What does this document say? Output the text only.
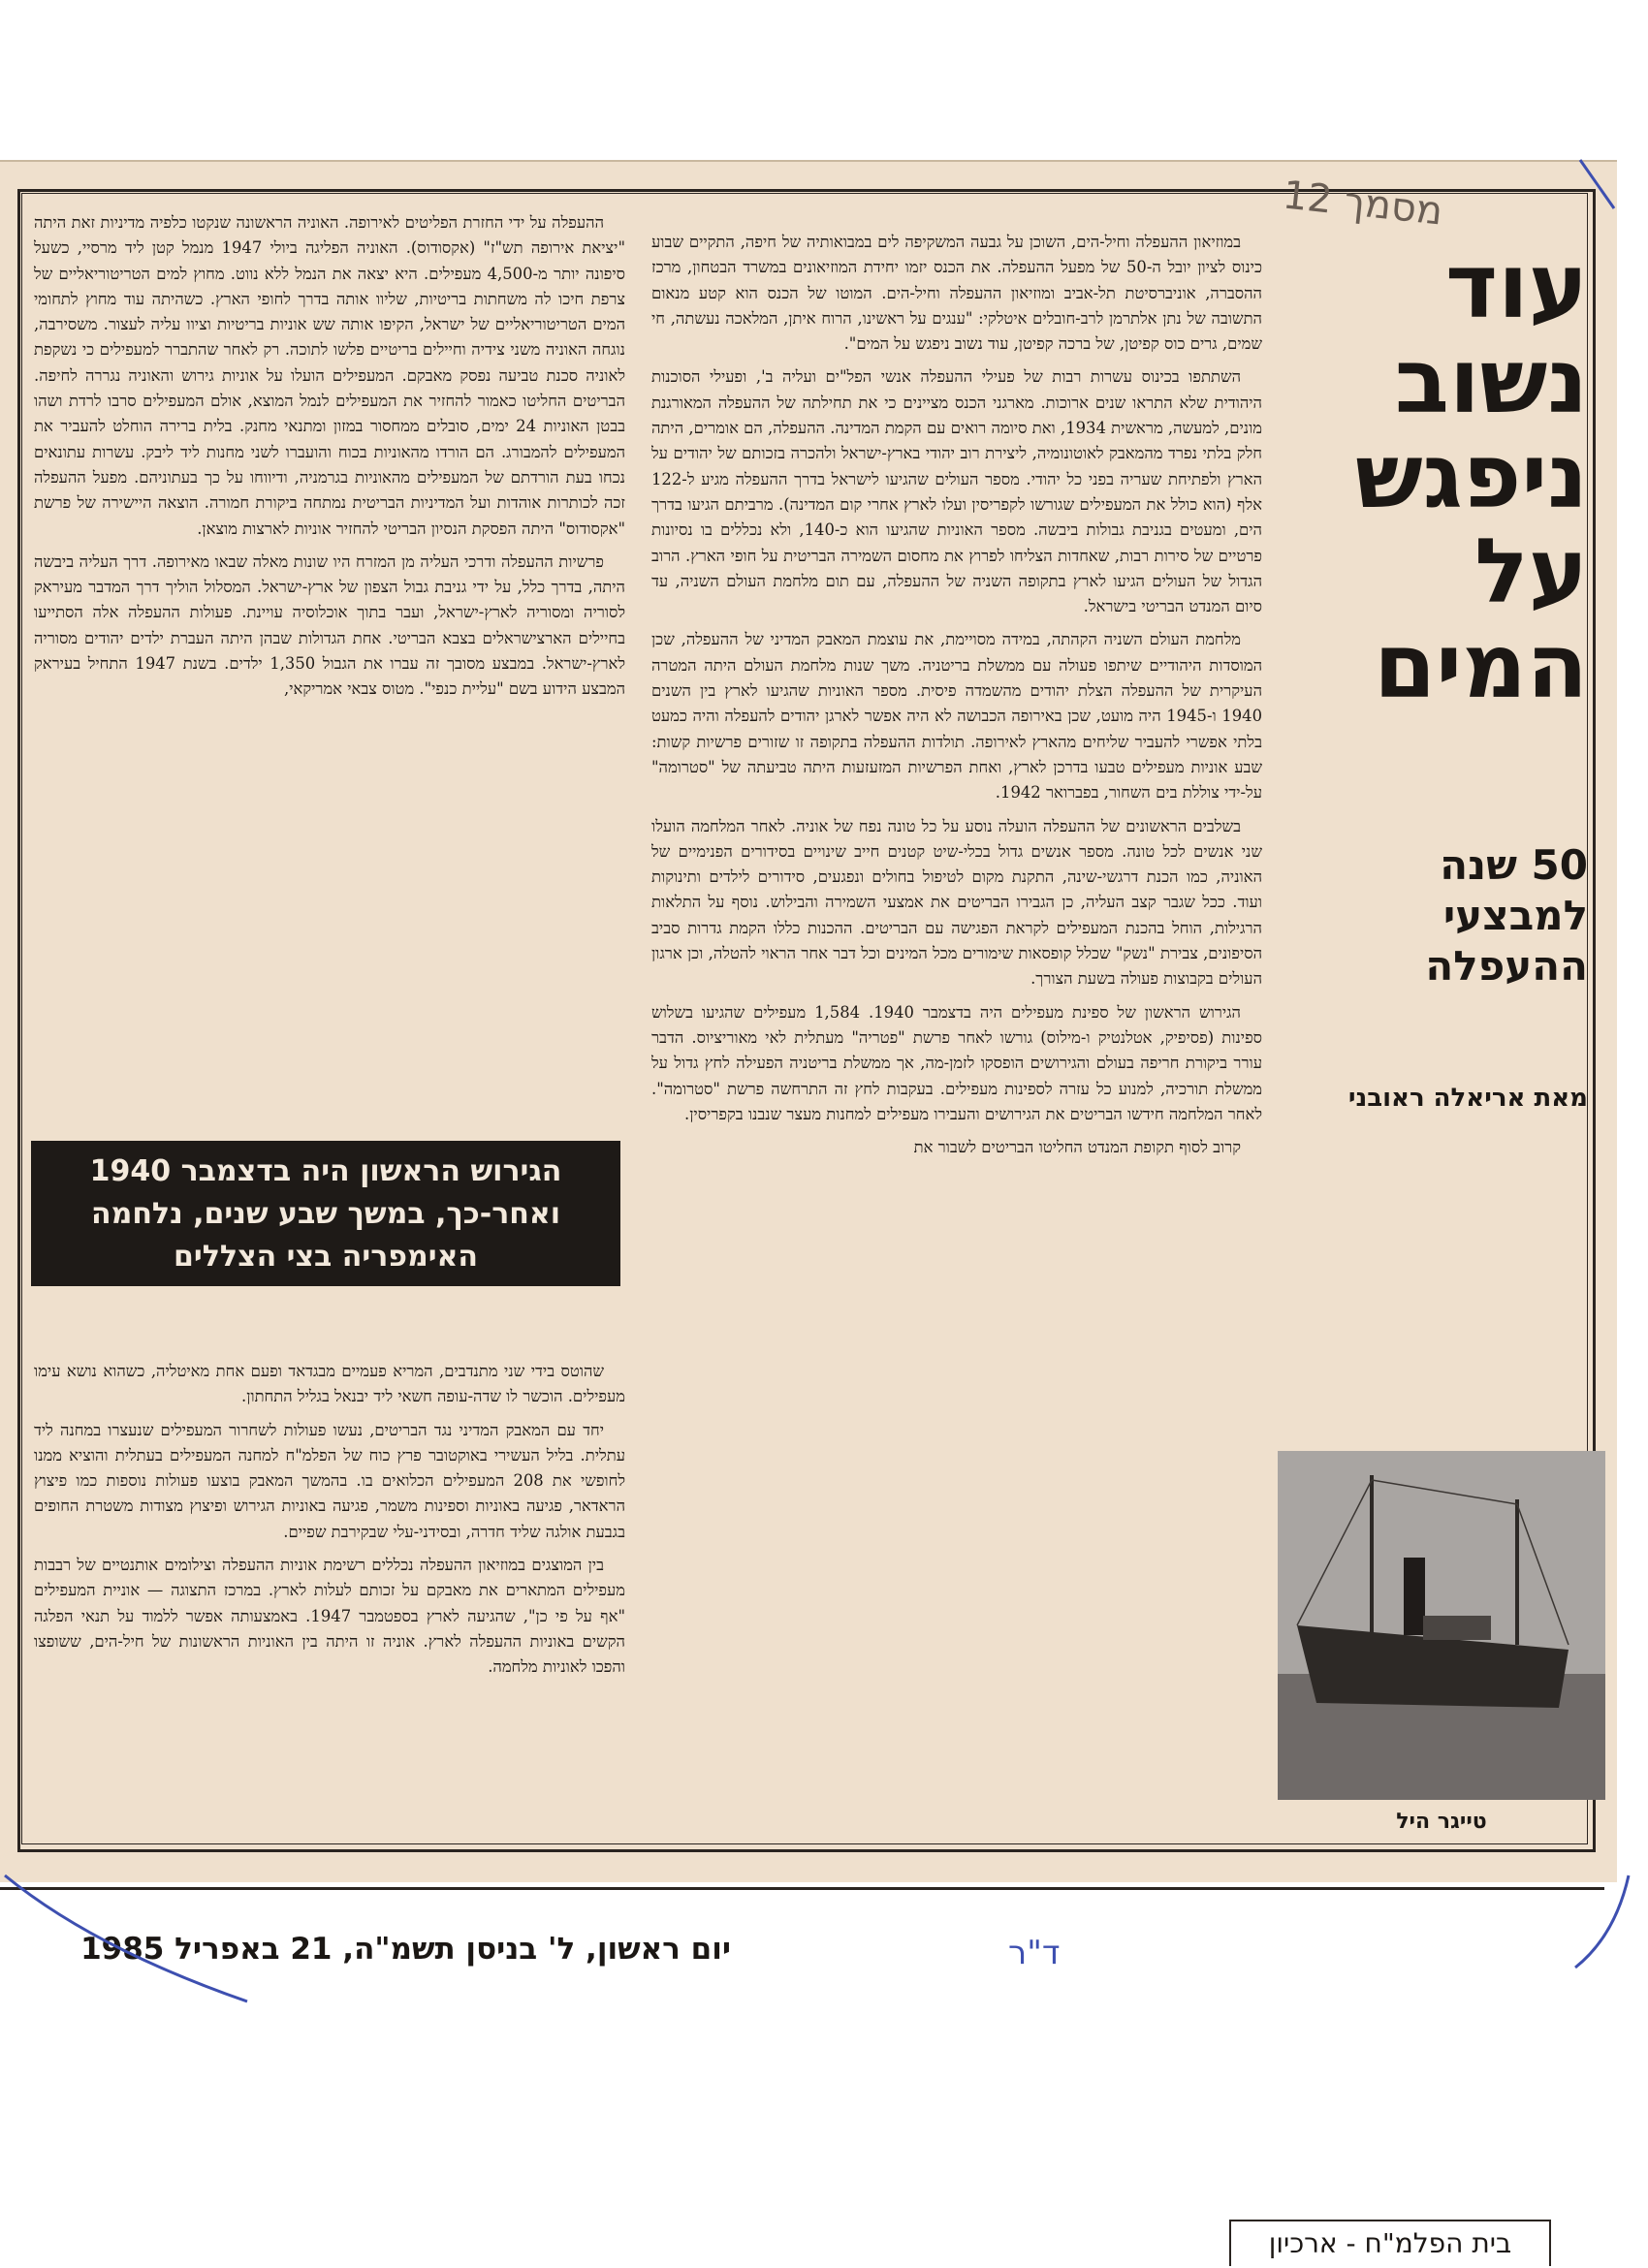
מסמך 12
עוד
נשוב
ניפגש
על
המים
50 שנה
למבצעי
ההעפלה
מאת אריאלה ראובני

במוזיאון ההעפלה וחיל-הים, השוכן על גבעה המשקיפה לים במבואותיה של חיפה, התקיים שבוע כינוס לציון יובל ה-50 של מפעל ההעפלה. את הכנס יזמו יחידת המוזיאונים במשרד הבטחון, מרכז ההסברה, אוניברסיטת תל-אביב ומוזיאון ההעפלה וחיל-הים. המוטו של הכנס הוא קטע מנאום התשובה של נתן אלתרמן לרב-חובלים איטלקי: "ענגים על ראשינו, הרוח איתן, המלאכה נעשתה, חי שמים, גרים כוס קפיטן, של ברכה קפיטן, עוד נשוב ניפגש על המים".

השתתפו בכינוס עשרות רבות של פעילי ההעפלה אנשי הפל"ים ועליה ב', ופעילי הסוכנות היהודית שלא התראו שנים ארוכות. מארגני הכנס מציינים כי את תחילתה של ההעפלה המאורגנת מונים, למעשה, מראשית 1934, ואת סיומה רואים עם הקמת המדינה. ההעפלה, הם אומרים, היתה חלק בלתי נפרד מהמאבק לאוטונומיה, ליצירת רוב יהודי בארץ-ישראל ולהכרה בזכותם של יהודים על הארץ ולפתיחת שעריה בפני כל יהודי. מספר העולים שהגיעו לישראל בדרך ההעפלה מגיע ל-122 אלף (הוא כולל את המעפילים שגורשו לקפריסין ועלו לארץ אחרי קום המדינה). מרביתם הגיעו בדרך הים, ומעטים בגניבת גבולות ביבשה. מספר האוניות שהגיעו הוא כ-140, ולא נכללים בו נסיונות פרטיים של סירות רבות, שאחדות הצליחו לפרוץ את מחסום השמירה הבריטית על חופי הארץ. הרוב הגדול של העולים הגיעו לארץ בתקופה השניה של ההעפלה, עם תום מלחמת העולם השניה, עד סיום המנדט הבריטי בישראל.

מלחמת העולם השניה הקהתה, במידה מסויימת, את עוצמת המאבק המדיני של ההעפלה, שכן המוסדות היהודיים שיתפו פעולה עם ממשלת בריטניה. משך שנות מלחמת העולם היתה המטרה העיקרית של ההעפלה הצלת יהודים מהשמדה פיסית. מספר האוניות שהגיעו לארץ בין השנים 1940 ו-1945 היה מועט, שכן באירופה הכבושה לא היה אפשר לארגן יהודים להעפלה והיה כמעט בלתי אפשרי להעביר שליחים מהארץ לאירופה. תולדות ההעפלה בתקופה זו שזורים פרשיות קשות: שבע אוניות מעפילים טבעו בדרכן לארץ, ואחת הפרשיות המזעזעות היתה טביעתה של "סטרומה" על-ידי צוללת בים השחור, בפברואר 1942.

בשלבים הראשונים של ההעפלה הועלה נוסע על כל טונה נפח של אוניה. לאחר המלחמה הועלו שני אנשים לכל טונה. מספר אנשים גדול בכלי-שיט קטנים חייב שינויים בסידורים הפנימיים של האוניה, כמו הכנת דרגשי-שינה, התקנת מקום לטיפול בחולים ונפגעים, סידורים לילדים ותינוקות ועוד. ככל שגבר קצב העליה, כן הגבירו הבריטים את אמצעי השמירה והבילוש. נוסף על התלאות הרגילות, הוחל בהכנת המעפילים לקראת הפגישה עם הבריטים. ההכנות כללו הקמת גדרות סביב הסיפונים, צבירת "נשק" שכלל קופסאות שימורים מכל המינים וכל דבר אחר הראוי להטלה, וכן ארגון העולים בקבוצות פעולה בשעת הצורך.

הגירוש הראשון של ספינת מעפילים היה בדצמבר 1940. 1,584 מעפילים שהגיעו בשלוש ספינות (פסיפיק, אטלנטיק ו-מילוס) גורשו לאחר פרשת "פטריה" מעתלית לאי מאוריציוס. הדבר עורר ביקורת חריפה בעולם והגירושים הופסקו לזמן-מה, אך ממשלת בריטניה הפעילה לחץ גדול על ממשלת תורכיה, למנוע כל עזרה לספינות מעפילים. בעקבות לחץ זה התרחשה פרשת "סטרומה". לאחר המלחמה חידשו הבריטים את הגירושים והעבירו מעפילים למחנות מעצר שנבנו בקפריסין.

קרוב לסוף תקופת המנדט החליטו הבריטים לשבור את

ההעפלה על ידי החזרת הפליטים לאירופה. האוניה הראשונה שנקטו כלפיה מדיניות זאת היתה "יציאת אירופה תש"ז" (אקסודוס). האוניה הפליגה ביולי 1947 מנמל קטן ליד מרסיי, כשעל סיפונה יותר מ-4,500 מעפילים. היא יצאה את הנמל ללא נווט. מחוץ למים הטריטוריאליים של צרפת חיכו לה משחתות בריטיות, שליוו אותה בדרך לחופי הארץ. כשהיתה עוד מחוץ לתחומי המים הטריטוריאליים של ישראל, הקיפו אותה שש אוניות בריטיות וציוו עליה לעצור. משסירבה, נוגחה האוניה משני צידיה וחיילים בריטיים פלשו לתוכה. רק לאחר שהתברר למעפילים כי נשקפת לאוניה סכנת טביעה נפסק מאבקם. המעפילים הועלו על אוניות גירוש והאוניה נגררה לחיפה. הבריטים החליטו כאמור להחזיר את המעפילים לנמל המוצא, אולם המעפילים סרבו לרדת ושהו בבטן האוניות 24 ימים, סובלים ממחסור במזון ומתנאי מחנק. בלית ברירה הוחלט להעביר את המעפילים להמבורג. הם הורדו מהאוניות בכוח והועברו לשני מחנות ליד ליבק. עשרות עתונאים נכחו בעת הורדתם של המעפילים מהאוניות בגרמניה, ודיווחו על כך בעתוניהם. מפעל ההעפלה זכה לכותרות אוהדות ועל המדיניות הבריטית נמתחה ביקורת חמורה. הוצאה היישירה של פרשת "אקסודוס" היתה הפסקת הנסיון הבריטי להחזיר אוניות לארצות מוצאן.

פרשיות ההעפלה ודרכי העליה מן המזרח היו שונות מאלה שבאו מאירופה. דרך העליה ביבשה היתה, בדרך כלל, על ידי גניבת גבול הצפון של ארץ-ישראל. המסלול הוליך דרך המדבר מעיראק לסוריה ומסוריה לארץ-ישראל, ועבר בתוך אוכלוסיה עויינת. פעולות ההעפלה אלה הסתייעו בחיילים הארצישראלים בצבא הבריטי. אחת הגדולות שבהן היתה העברת ילדים יהודים מסוריה לארץ-ישראל. במבצע מסובך זה עברו את הגבול 1,350 ילדים. בשנת 1947 התחיל בעיראק המבצע הידוע בשם "עליית כנפי". מטוס צבאי אמריקאי,

הגירוש הראשון היה בדצמבר 1940
ואחר-כך, במשך שבע שנים, נלחמה
האימפריה בצי הצללים

שהוטס בידי שני מתנדבים, המריא פעמיים מבגדאד ופעם אחת מאיטליה, כשהוא נושא עימו מעפילים. הוכשר לו שדה-עופה חשאי ליד יבנאל בגליל התחתון.

יחד עם המאבק המדיני נגד הבריטים, נעשו פעולות לשחרור המעפילים שנעצרו במחנה ליד עתלית. בליל העשירי באוקטובר פרץ כוח של הפלמ"ח למחנה המעפילים בעתלית והוציא ממנו לחופשי את 208 המעפילים הכלואים בו. בהמשך המאבק בוצעו פעולות נוספות כמו פיצוץ הראדאר, פגיעה באוניות וספינות משמר, פגיעה באוניות הגירוש ופיצוץ מצודות משטרת החופים בגבעת אולגה שליד חדרה, ובסידני-עלי שבקירבת שפיים.

בין המוצגים במוזיאון ההעפלה נכללים רשימת אוניות ההעפלה וצילומים אותנטיים של רבבות מעפילים המתארים את מאבקם על זכותם לעלות לארץ. במרכז התצוגה — אוניית המעפילים "אף על פי כן", שהגיעה לארץ בספטמבר 1947. באמצעותה אפשר ללמוד על תנאי הפלגה הקשים באוניות ההעפלה לארץ. אוניה זו היתה בין האוניות הראשונות של חיל-הים, ששופצו והפכו לאוניות מלחמה.

טייגר היל
יום ראשון, ל' בניסן תשמ"ה, 21 באפריל 1985	ד"ר
בית הפלמ"ח - ארכיון
